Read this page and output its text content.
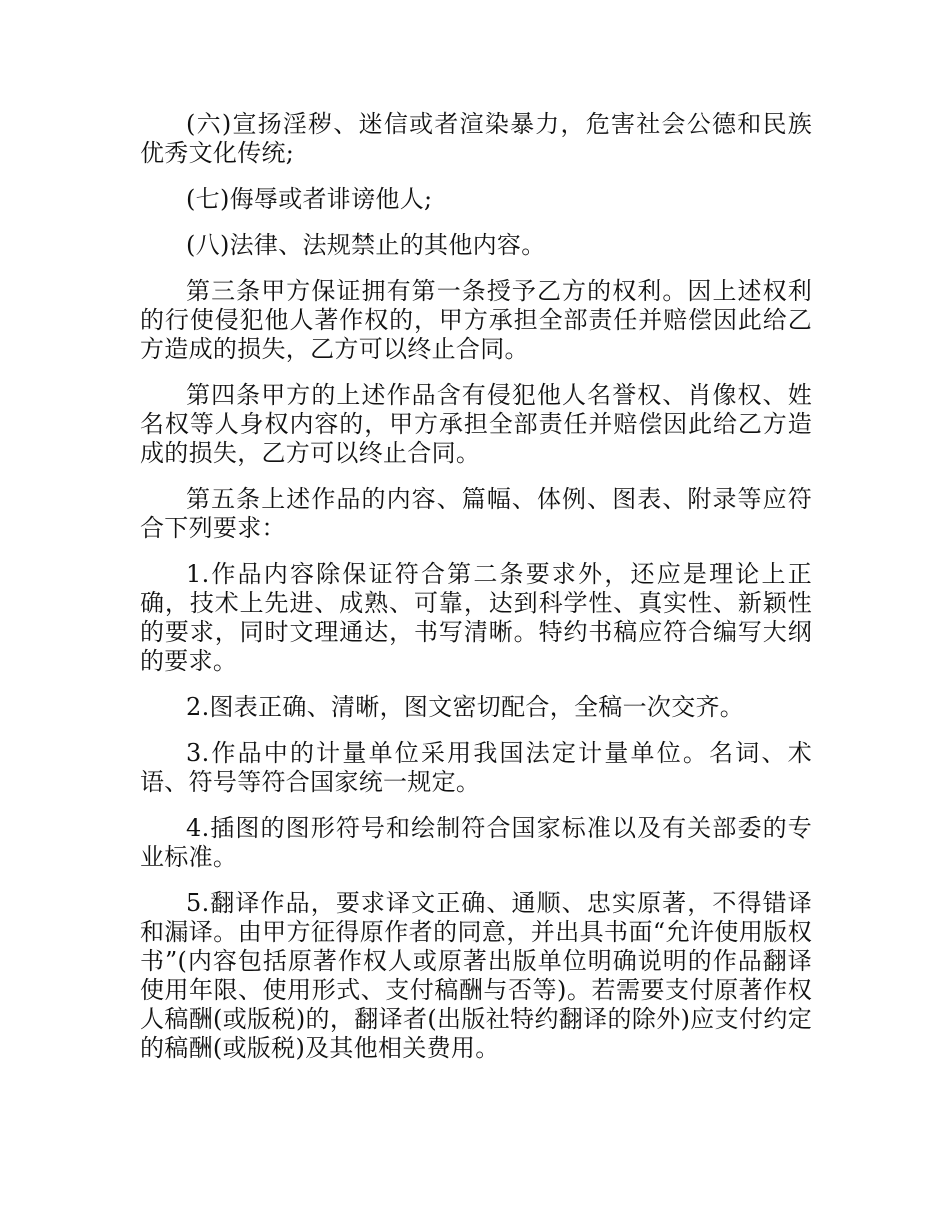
(六)宣扬淫秽、迷信或者渲染暴力，危害社会公德和民族优秀文化传统;

(七)侮辱或者诽谤他人;

(八)法律、法规禁止的其他内容。

第三条甲方保证拥有第一条授予乙方的权利。因上述权利的行使侵犯他人著作权的，甲方承担全部责任并赔偿因此给乙方造成的损失，乙方可以终止合同。

第四条甲方的上述作品含有侵犯他人名誉权、肖像权、姓名权等人身权内容的，甲方承担全部责任并赔偿因此给乙方造成的损失，乙方可以终止合同。

第五条上述作品的内容、篇幅、体例、图表、附录等应符合下列要求：

1.作品内容除保证符合第二条要求外，还应是理论上正确，技术上先进、成熟、可靠，达到科学性、真实性、新颖性的要求，同时文理通达，书写清晰。特约书稿应符合编写大纲的要求。

2.图表正确、清晰，图文密切配合，全稿一次交齐。

3.作品中的计量单位采用我国法定计量单位。名词、术语、符号等符合国家统一规定。

4.插图的图形符号和绘制符合国家标准以及有关部委的专业标准。

5.翻译作品，要求译文正确、通顺、忠实原著，不得错译和漏译。由甲方征得原作者的同意，并出具书面“允许使用版权书”(内容包括原著作权人或原著出版单位明确说明的作品翻译使用年限、使用形式、支付稿酬与否等)。若需要支付原著作权人稿酬(或版税)的，翻译者(出版社特约翻译的除外)应支付约定的稿酬(或版税)及其他相关费用。
